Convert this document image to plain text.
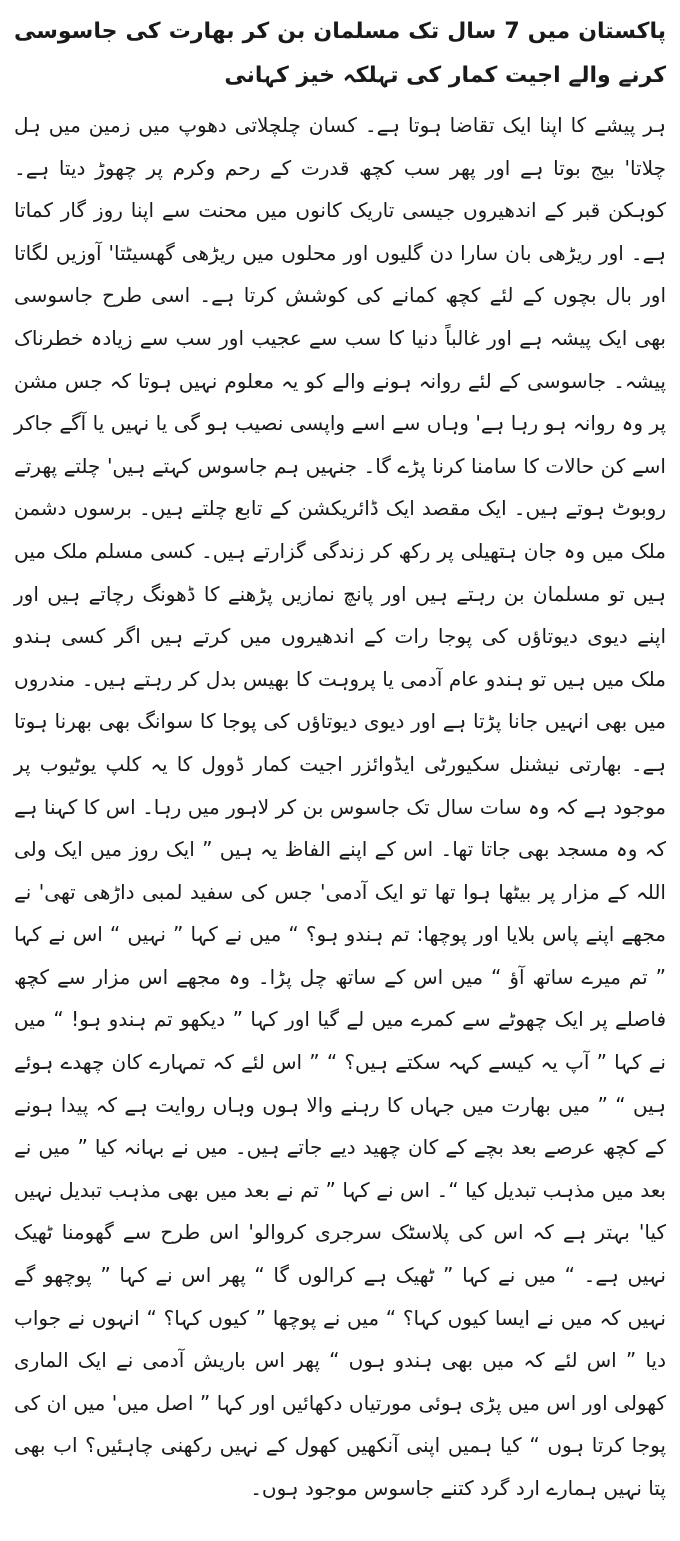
پاکستان میں 7 سال تک مسلمان بن کر بھارت کی جاسوسی کرنے والے اجیت کمار کی تہلکہ خیز کہانی

ہر پیشے کا اپنا ایک تقاضا ہوتا ہے۔ کسان چلچلاتی دھوپ میں زمین میں ہل چلاتا' بیج بوتا ہے اور پھر سب کچھ قدرت کے رحم وکرم پر چھوڑ دیتا ہے۔ کوہکن قبر کے اندھیروں جیسی تاریک کانوں میں محنت سے اپنا روز گار کماتا ہے۔ اور ریڑھی بان سارا دن گلیوں اور محلوں میں ریڑھی گھسیٹتا' آوزیں لگاتا اور بال بچوں کے لئے کچھ کمانے کی کوشش کرتا ہے۔ اسی طرح جاسوسی بھی ایک پیشہ ہے اور غالباً دنیا کا سب سے عجیب اور سب سے زیادہ خطرناک پیشہ۔ جاسوسی کے لئے روانہ ہونے والے کو یہ معلوم نہیں ہوتا کہ جس مشن پر وہ روانہ ہو رہا ہے' وہاں سے اسے واپسی نصیب ہو گی یا نہیں یا آگے جاکر اسے کن حالات کا سامنا کرنا پڑے گا۔ جنہیں ہم جاسوس کہتے ہیں' چلتے پھرتے روبوٹ ہوتے ہیں۔ ایک مقصد ایک ڈائریکشن کے تابع چلتے ہیں۔ برسوں دشمن ملک میں وہ جان ہتھیلی پر رکھ کر زندگی گزارتے ہیں۔ کسی مسلم ملک میں ہیں تو مسلمان بن رہتے ہیں اور پانچ نمازیں پڑھنے کا ڈھونگ رچاتے ہیں اور اپنے دیوی دیوتاؤں کی پوجا رات کے اندھیروں میں کرتے ہیں اگر کسی ہندو ملک میں ہیں تو ہندو عام آدمی یا پروہت کا بھیس بدل کر رہتے ہیں۔ مندروں میں بھی انہیں جانا پڑتا ہے اور دیوی دیوتاؤں کی پوجا کا سوانگ بھی بھرنا ہوتا ہے۔ بھارتی نیشنل سکیورٹی ایڈوائزر اجیت کمار ڈوول کا یہ کلپ یوٹیوب پر موجود ہے کہ وہ سات سال تک جاسوس بن کر لاہور میں رہا۔ اس کا کہنا ہے کہ وہ مسجد بھی جاتا تھا۔ اس کے اپنے الفاظ یہ ہیں ” ایک روز میں ایک ولی اللہ کے مزار پر بیٹھا ہوا تھا تو ایک آدمی' جس کی سفید لمبی داڑھی تھی' نے مجھے اپنے پاس بلایا اور پوچھا: تم ہندو ہو؟ “ میں نے کہا ” نہیں “ اس نے کہا ” تم میرے ساتھ آؤ “ میں اس کے ساتھ چل پڑا۔ وہ مجھے اس مزار سے کچھ فاصلے پر ایک چھوٹے سے کمرے میں لے گیا اور کہا ” دیکھو تم ہندو ہو! “ میں نے کہا ” آپ یہ کیسے کہہ سکتے ہیں؟ “ ” اس لئے کہ تمہارے کان چھدے ہوئے ہیں “ ” میں بھارت میں جہاں کا رہنے والا ہوں وہاں روایت ہے کہ پیدا ہونے کے کچھ عرصے بعد بچے کے کان چھید دیے جاتے ہیں۔ میں نے بہانہ کیا ” میں نے بعد میں مذہب تبدیل کیا “۔ اس نے کہا ” تم نے بعد میں بھی مذہب تبدیل نہیں کیا' بہتر ہے کہ اس کی پلاسٹک سرجری کروالو' اس طرح سے گھومنا ٹھیک نہیں ہے۔ “ میں نے کہا ” ٹھیک ہے کرالوں گا “ پھر اس نے کہا ” پوچھو گے نہیں کہ میں نے ایسا کیوں کہا؟ “ میں نے پوچھا ” کیوں کہا؟ “ انہوں نے جواب دیا ” اس لئے کہ میں بھی ہندو ہوں “ پھر اس باریش آدمی نے ایک الماری کھولی اور اس میں پڑی ہوئی مورتیاں دکھائیں اور کہا ” اصل میں' میں ان کی پوجا کرتا ہوں “ کیا ہمیں اپنی آنکھیں کھول کے نہیں رکھنی چاہئیں؟ اب بھی پتا نہیں ہمارے ارد گرد کتنے جاسوس موجود ہوں۔
